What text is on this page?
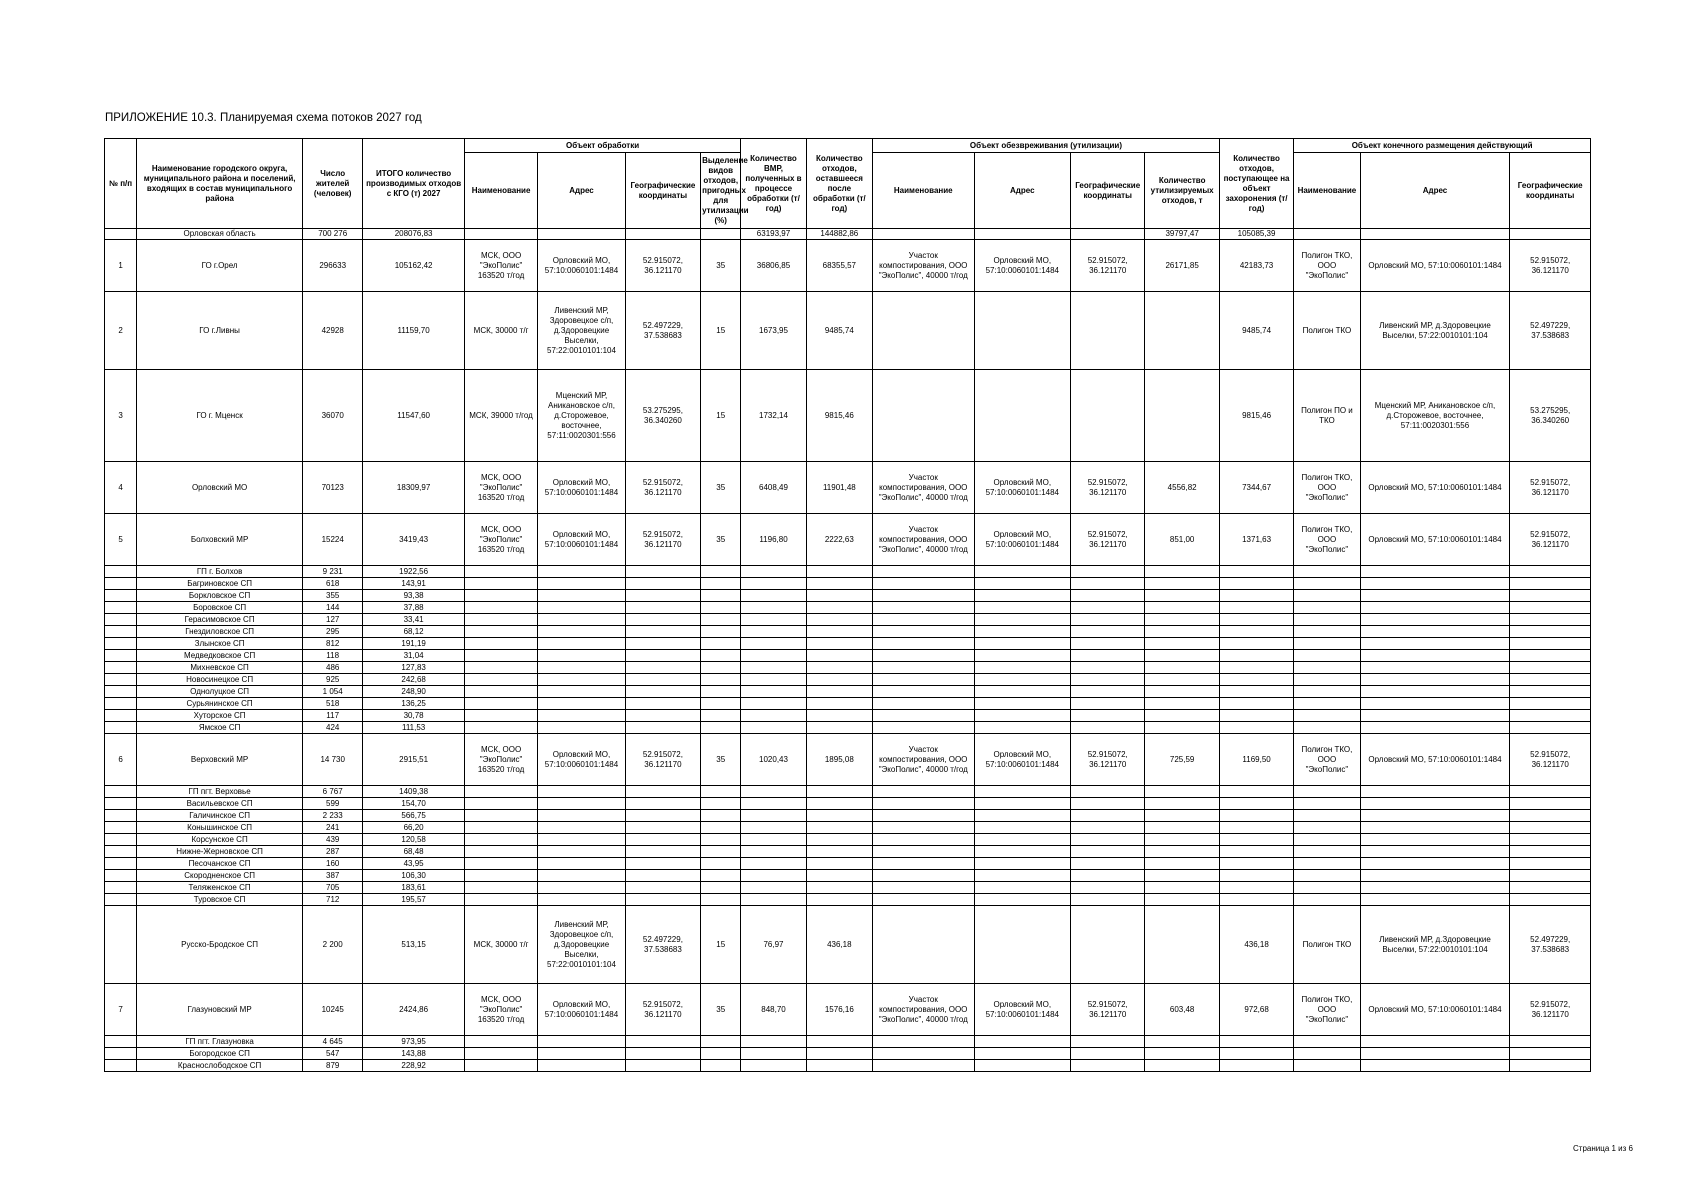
ПРИЛОЖЕНИЕ 10.3. Планируемая схема потоков 2027 год
№ п/п	Наименование городского округа, муниципального района и поселений, входящих в состав муниципального района	Число жителей (человек)	ИТОГО количество производимых отходов с КГО (т) 2027	Объект обработки				Количество ВМР, полученных в процессе обработки (т/год)	Количество отходов, оставшееся после обработки (т/год)	Объект обезвреживания (утилизации)				Количество отходов, поступающее на объект захоронения (т/год)	Объект конечного размещения действующий		
				Наименование	Адрес	Географические координаты	Выделение видов отходов, пригодных для утилизации (%)			Наименование	Адрес	Географические координаты	Количество утилизируемых отходов, т		Наименование	Адрес	Географические координаты
	Орловская область	700 276	208076,83					63193,97	144882,86				39797,47	105085,39			
1	ГО г.Орел	296633	105162,42	МСК, ООО "ЭкоПолис" 163520 т/год	Орловский МО, 57:10:0060101:1484	52.915072, 36.121170	35	36806,85	68355,57	Участок компостирования, ООО "ЭкоПолис", 40000 т/год	Орловский МО, 57:10:0060101:1484	52.915072, 36.121170	26171,85	42183,73	Полигон ТКО, ООО "ЭкоПолис"	Орловский МО, 57:10:0060101:1484	52.915072, 36.121170
2	ГО г.Ливны	42928	11159,70	МСК, 30000 т/г	Ливенский МР, Здоровецкое с/п, д.Здоровецкие Выселки, 57:22:0010101:104	52.497229, 37.538683	15	1673,95	9485,74					9485,74	Полигон ТКО	Ливенский МР, д.Здоровецкие Выселки, 57:22:0010101:104	52.497229, 37.538683
3	ГО г. Мценск	36070	11547,60	МСК, 39000 т/год	Мценский МР, Аникановское с/п, д.Сторожевое, восточнее, 57:11:0020301:556	53.275295, 36.340260	15	1732,14	9815,46					9815,46	Полигон ПО и ТКО	Мценский МР, Аникановское с/п, д.Сторожевое, восточнее, 57:11:0020301:556	53.275295, 36.340260
4	Орловский МО	70123	18309,97	МСК, ООО "ЭкоПолис" 163520 т/год	Орловский МО, 57:10:0060101:1484	52.915072, 36.121170	35	6408,49	11901,48	Участок компостирования, ООО "ЭкоПолис", 40000 т/год	Орловский МО, 57:10:0060101:1484	52.915072, 36.121170	4556,82	7344,67	Полигон ТКО, ООО "ЭкоПолис"	Орловский МО, 57:10:0060101:1484	52.915072, 36.121170
5	Болховский МР	15224	3419,43	МСК, ООО "ЭкоПолис" 163520 т/год	Орловский МО, 57:10:0060101:1484	52.915072, 36.121170	35	1196,80	2222,63	Участок компостирования, ООО "ЭкоПолис", 40000 т/год	Орловский МО, 57:10:0060101:1484	52.915072, 36.121170	851,00	1371,63	Полигон ТКО, ООО "ЭкоПолис"	Орловский МО, 57:10:0060101:1484	52.915072, 36.121170
	ГП г. Болхов	9 231	1922,56														
	Багриновское СП	618	143,91														
	Боркловское СП	355	93,38														
	Боровское СП	144	37,88														
	Герасимовское СП	127	33,41														
	Гнездиловское СП	295	68,12														
	Злынское СП	812	191,19														
	Медведковское СП	118	31,04														
	Михневское СП	486	127,83														
	Новосинецкое СП	925	242,68														
	Однолуцкое СП	1 054	248,90														
	Сурьянинское СП	518	136,25														
	Хуторское СП	117	30,78														
	Ямское СП	424	111,53														
6	Верховский МР	14 730	2915,51	МСК, ООО "ЭкоПолис" 163520 т/год	Орловский МО, 57:10:0060101:1484	52.915072, 36.121170	35	1020,43	1895,08	Участок компостирования, ООО "ЭкоПолис", 40000 т/год	Орловский МО, 57:10:0060101:1484	52.915072, 36.121170	725,59	1169,50	Полигон ТКО, ООО "ЭкоПолис"	Орловский МО, 57:10:0060101:1484	52.915072, 36.121170
	ГП пгт. Верховье	6 767	1409,38														
	Васильевское СП	599	154,70														
	Галичинское СП	2 233	566,75														
	Конышинское СП	241	66,20														
	Корсунское СП	439	120,58														
	Нижне-Жерновское СП	287	68,48														
	Песочанское СП	160	43,95														
	Скородненское СП	387	106,30														
	Теляженское СП	705	183,61														
	Туровское СП	712	195,57														
	Русско-Бродское СП	2 200	513,15	МСК, 30000 т/г	Ливенский МР, Здоровецкое с/п, д.Здоровецкие Выселки, 57:22:0010101:104	52.497229, 37.538683	15	76,97	436,18					436,18	Полигон ТКО	Ливенский МР, д.Здоровецкие Выселки, 57:22:0010101:104	52.497229, 37.538683
7	Глазуновский МР	10245	2424,86	МСК, ООО "ЭкоПолис" 163520 т/год	Орловский МО, 57:10:0060101:1484	52.915072, 36.121170	35	848,70	1576,16	Участок компостирования, ООО "ЭкоПолис", 40000 т/год	Орловский МО, 57:10:0060101:1484	52.915072, 36.121170	603,48	972,68	Полигон ТКО, ООО "ЭкоПолис"	Орловский МО, 57:10:0060101:1484	52.915072, 36.121170
	ГП пгт. Глазуновка	4 645	973,95														
	Богородское СП	547	143,88														
	Краснослободское СП	879	228,92														
Страница 1 из 6
